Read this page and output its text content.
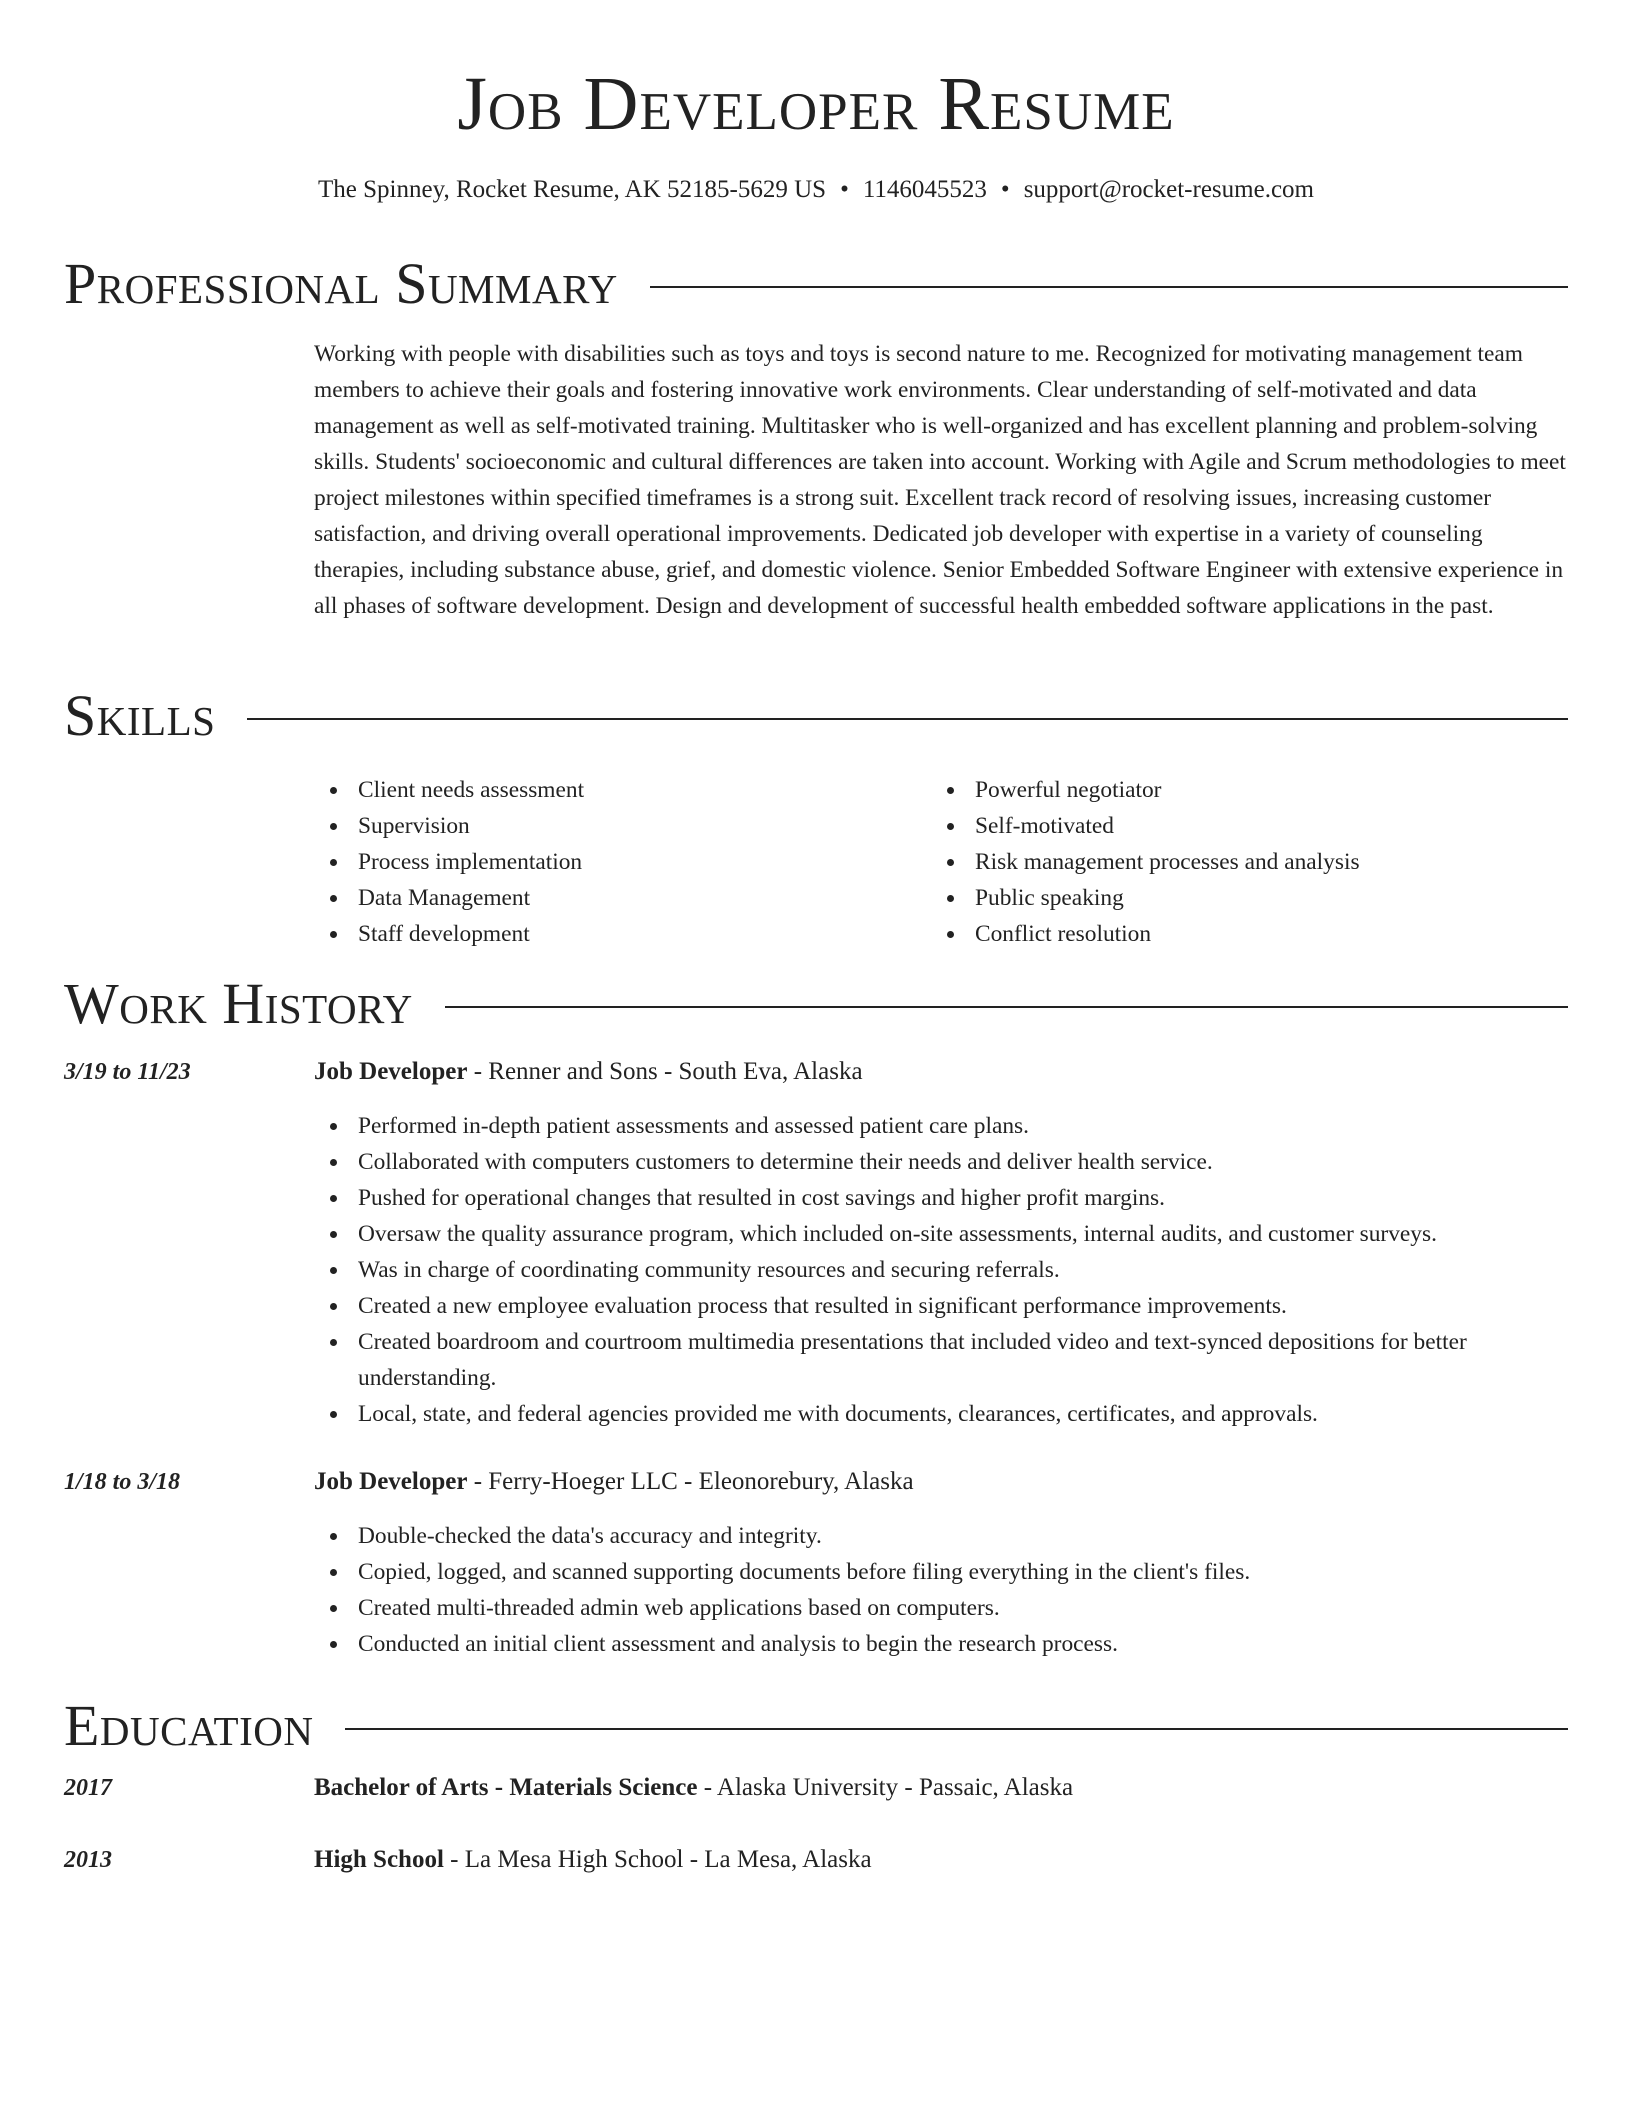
Job Developer Resume
The Spinney, Rocket Resume, AK 52185-5629 US • 1146045523 • support@rocket-resume.com
Professional Summary

Working with people with disabilities such as toys and toys is second nature to me. Recognized for motivating management team members to achieve their goals and fostering innovative work environments. Clear understanding of self-motivated and data management as well as self-motivated training. Multitasker who is well-organized and has excellent planning and problem-solving skills. Students' socioeconomic and cultural differences are taken into account. Working with Agile and Scrum methodologies to meet project milestones within specified timeframes is a strong suit. Excellent track record of resolving issues, increasing customer satisfaction, and driving overall operational improvements. Dedicated job developer with expertise in a variety of counseling therapies, including substance abuse, grief, and domestic violence. Senior Embedded Software Engineer with extensive experience in all phases of software development. Design and development of successful health embedded software applications in the past.

Skills
Client needs assessment
Supervision
Process implementation
Data Management
Staff development
Powerful negotiator
Self-motivated
Risk management processes and analysis
Public speaking
Conflict resolution
Work History
3/19 to 11/23	Job Developer - Renner and Sons - South Eva, Alaska
Performed in-depth patient assessments and assessed patient care plans.
Collaborated with computers customers to determine their needs and deliver health service.
Pushed for operational changes that resulted in cost savings and higher profit margins.
Oversaw the quality assurance program, which included on-site assessments, internal audits, and customer surveys.
Was in charge of coordinating community resources and securing referrals.
Created a new employee evaluation process that resulted in significant performance improvements.
Created boardroom and courtroom multimedia presentations that included video and text-synced depositions for better understanding.
Local, state, and federal agencies provided me with documents, clearances, certificates, and approvals.
1/18 to 3/18	Job Developer - Ferry-Hoeger LLC - Eleonorebury, Alaska
Double-checked the data's accuracy and integrity.
Copied, logged, and scanned supporting documents before filing everything in the client's files.
Created multi-threaded admin web applications based on computers.
Conducted an initial client assessment and analysis to begin the research process.
Education
2017	Bachelor of Arts - Materials Science - Alaska University - Passaic, Alaska
2013	High School - La Mesa High School - La Mesa, Alaska
